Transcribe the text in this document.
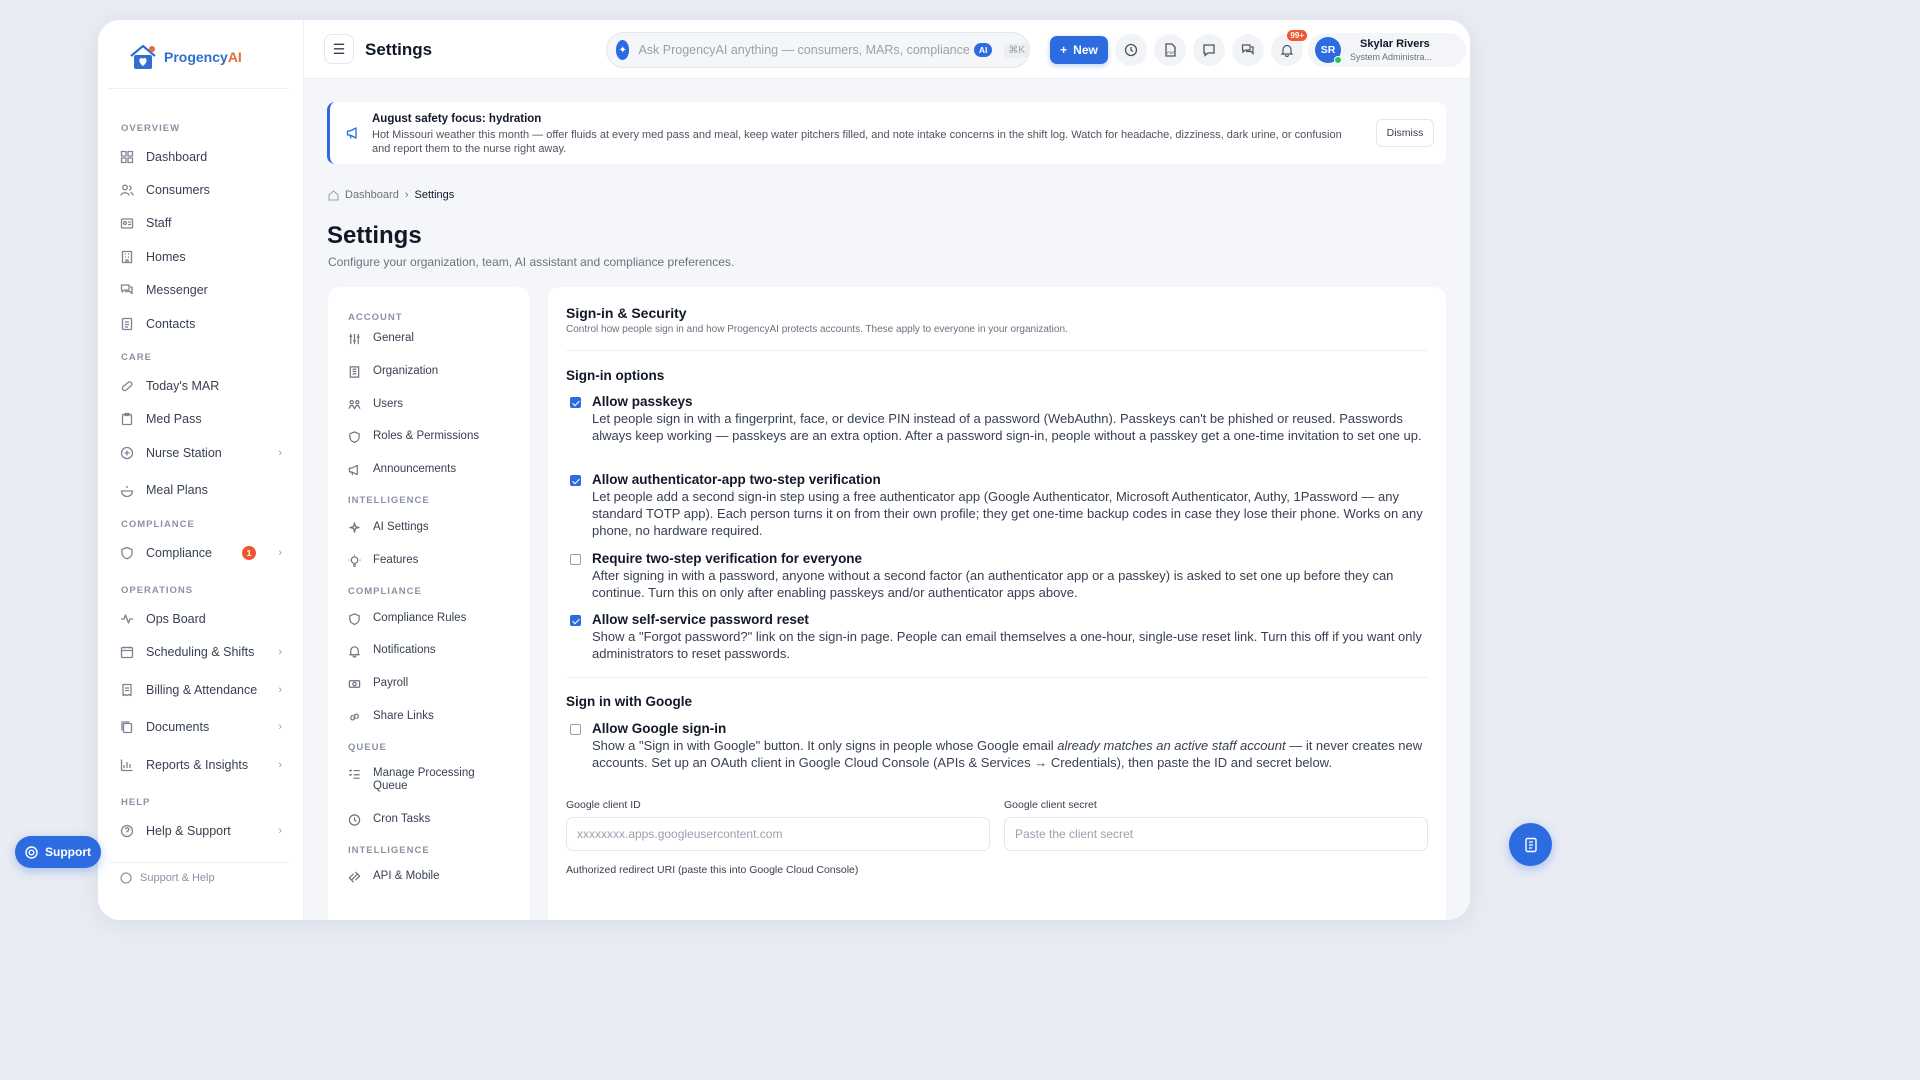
ProgencyAI
OVERVIEW
Dashboard
Consumers
Staff
Homes
Messenger
Contacts
CARE
Today's MAR
Med Pass
Nurse Station	›
Meal Plans
COMPLIANCE
Compliance	1	›
OPERATIONS
Ops Board
Scheduling & Shifts ›
Billing & Attendance ›
Documents	›
Reports & Insights	›
HELP
Help & Support	›
Support & Help
☰ Settings	✦ Ask ProgencyAI anything — consumers, MARs, compliance	AI	⌘K	+ New	PDF
99+
SR Skylar Rivers
System Administra...
August safety focus: hydration
Hot Missouri weather this month — offer fluids at every med pass and meal, keep water pitchers filled, and note intake concerns in the shift log. Watch for headache, dizziness, dark urine, or confusion and report them to the nurse right away.
Dismiss
Dashboard › Settings
Settings
Configure your organization, team, AI assistant and compliance preferences.
ACCOUNT
General
Organization
Users
Roles & Permissions
Announcements
INTELLIGENCE
AI Settings
Features
COMPLIANCE
Compliance Rules
Notifications
Payroll
Share Links
QUEUE
Manage Processing Queue
Cron Tasks
INTELLIGENCE
API & Mobile
Sign-in & Security
Control how people sign in and how ProgencyAI protects accounts. These apply to everyone in your organization.
Sign-in options
Allow passkeys
Let people sign in with a fingerprint, face, or device PIN instead of a password (WebAuthn). Passkeys can't be phished or reused. Passwords always keep working — passkeys are an extra option. After a password sign-in, people without a passkey get a one-time invitation to set one up.
Allow authenticator-app two-step verification
Let people add a second sign-in step using a free authenticator app (Google Authenticator, Microsoft Authenticator, Authy, 1Password — any standard TOTP app). Each person turns it on from their own profile; they get one-time backup codes in case they lose their phone. Works on any phone, no hardware required.
Require two-step verification for everyone
After signing in with a password, anyone without a second factor (an authenticator app or a passkey) is asked to set one up before they can continue. Turn this on only after enabling passkeys and/or authenticator apps above.
Allow self-service password reset
Show a "Forgot password?" link on the sign-in page. People can email themselves a one-hour, single-use reset link. Turn this off if you want only administrators to reset passwords.
Sign in with Google
Allow Google sign-in
Show a "Sign in with Google" button. It only signs in people whose Google email already matches an active staff account — it never creates new accounts. Set up an OAuth client in Google Cloud Console (APIs & Services → Credentials), then paste the ID and secret below.
Google client ID
xxxxxxxx.apps.googleusercontent.com
Google client secret
Paste the client secret
Authorized redirect URI (paste this into Google Cloud Console)
Support
